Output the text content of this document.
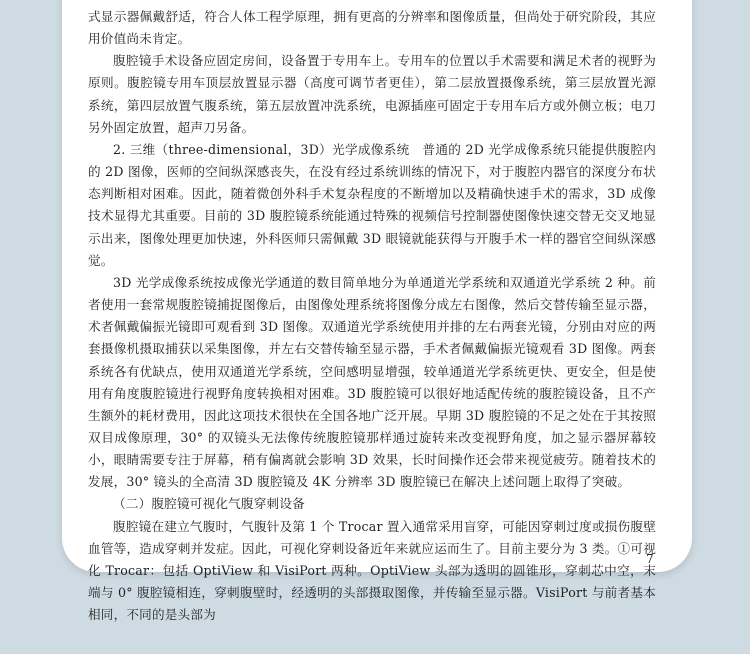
式显示器佩戴舒适，符合人体工程学原理，拥有更高的分辨率和图像质量，但尚处于研究阶段，其应用价值尚未肯定。

腹腔镜手术设备应固定房间，设备置于专用车上。专用车的位置以手术需要和满足术者的视野为原则。腹腔镜专用车顶层放置显示器（高度可调节者更佳），第二层放置摄像系统，第三层放置光源系统，第四层放置气腹系统，第五层放置冲洗系统，电源插座可固定于专用车后方或外侧立板；电刀另外固定放置，超声刀另备。

2. 三维（three-dimensional，3D）光学成像系统　普通的 2D 光学成像系统只能提供腹腔内的 2D 图像，医师的空间纵深感丧失，在没有经过系统训练的情况下，对于腹腔内器官的深度分布状态判断相对困难。因此，随着微创外科手术复杂程度的不断增加以及精确快速手术的需求，3D 成像技术显得尤其重要。目前的 3D 腹腔镜系统能通过特殊的视频信号控制器使图像快速交替无交叉地显示出来，图像处理更加快速，外科医师只需佩戴 3D 眼镜就能获得与开腹手术一样的器官空间纵深感觉。

3D 光学成像系统按成像光学通道的数目简单地分为单通道光学系统和双通道光学系统 2 种。前者使用一套常规腹腔镜捕捉图像后，由图像处理系统将图像分成左右图像，然后交替传输至显示器，术者佩戴偏振光镜即可观看到 3D 图像。双通道光学系统使用并排的左右两套光镜，分别由对应的两套摄像机摄取捕获以采集图像，并左右交替传输至显示器，手术者佩戴偏振光镜观看 3D 图像。两套系统各有优缺点，使用双通道光学系统，空间感明显增强，较单通道光学系统更快、更安全，但是使用有角度腹腔镜进行视野角度转换相对困难。3D 腹腔镜可以很好地适配传统的腹腔镜设备，且不产生额外的耗材费用，因此这项技术很快在全国各地广泛开展。早期 3D 腹腔镜的不足之处在于其按照双目成像原理，30° 的双镜头无法像传统腹腔镜那样通过旋转来改变视野角度，加之显示器屏幕较小，眼睛需要专注于屏幕，稍有偏离就会影响 3D 效果，长时间操作还会带来视觉疲劳。随着技术的发展，30° 镜头的全高清 3D 腹腔镜及 4K 分辨率 3D 腹腔镜已在解决上述问题上取得了突破。

（二）腹腔镜可视化气腹穿刺设备

腹腔镜在建立气腹时，气腹针及第 1 个 Trocar 置入通常采用盲穿，可能因穿刺过度或损伤腹壁血管等，造成穿刺并发症。因此，可视化穿刺设备近年来就应运而生了。目前主要分为 3 类。①可视化 Trocar：包括 OptiView 和 VisiPort 两种。OptiView 头部为透明的圆锥形，穿刺芯中空，末端与 0° 腹腔镜相连，穿刺腹壁时，经透明的头部摄取图像，并传输至显示器。VisiPort 与前者基本相同，不同的是头部为

7
